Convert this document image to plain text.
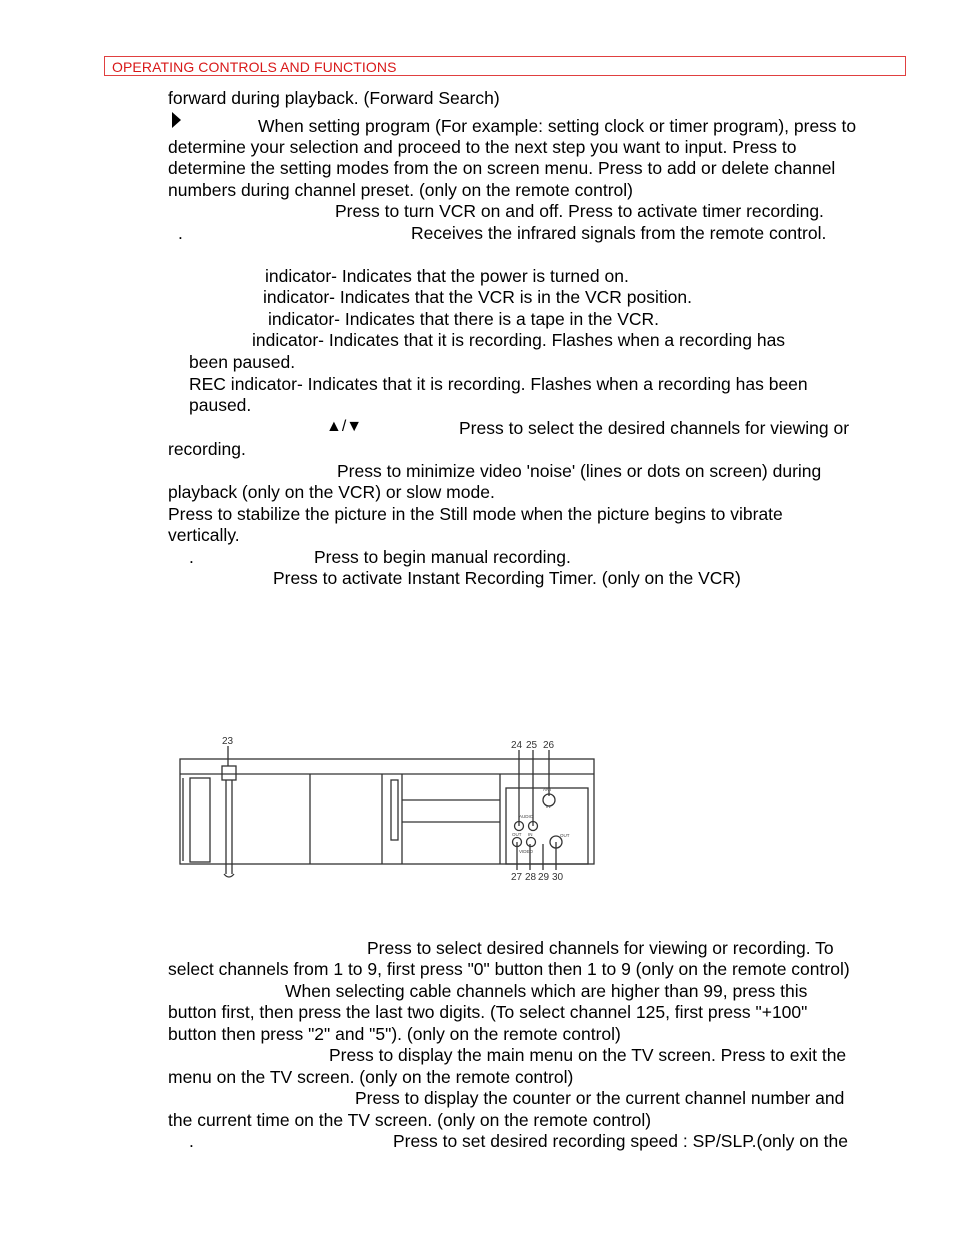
OPERATING CONTROLS AND FUNCTIONS
forward during playback. (Forward Search)
When setting program (For example: setting clock or timer program), press to
determine your selection and proceed to the next step you want to input. Press to
determine the setting modes from the on screen menu. Press to add or delete channel
numbers during channel preset. (only on the remote control)
Press to turn VCR on and off. Press to activate timer recording.
.	Receives the infrared signals from the remote control.
indicator- Indicates that the power is turned on.
indicator- Indicates that the VCR is in the VCR position.
indicator- Indicates that there is a tape in the VCR.
indicator- Indicates that it is recording. Flashes when a recording has
been paused.
REC indicator- Indicates that it is recording. Flashes when a recording has been
paused.
▲/▼	Press to select the desired channels for viewing or
recording.
Press to minimize video 'noise' (lines or dots on screen) during
playback (only on the VCR) or slow mode.
Press to stabilize the picture in the Still mode when the picture begins to vibrate
vertically.
.	Press to begin manual recording.
Press to activate Instant Recording Timer. (only on the VCR)
23	24 25 26
27 28 29 30
ANT
IN
AUDIO
OUT IN
VIDEO
OUT
Press to select desired channels for viewing or recording. To
select channels from 1 to 9, first press "0" button then 1 to 9 (only on the remote control)
When selecting cable channels which are higher than 99, press this
button first, then press the last two digits. (To select channel 125, first press "+100"
button then press "2" and "5"). (only on the remote control)
Press to display the main menu on the TV screen. Press to exit the
menu on the TV screen. (only on the remote control)
Press to display the counter or the current channel number and
the current time on the TV screen. (only on the remote control)
.	Press to set desired recording speed : SP/SLP.(only on the
